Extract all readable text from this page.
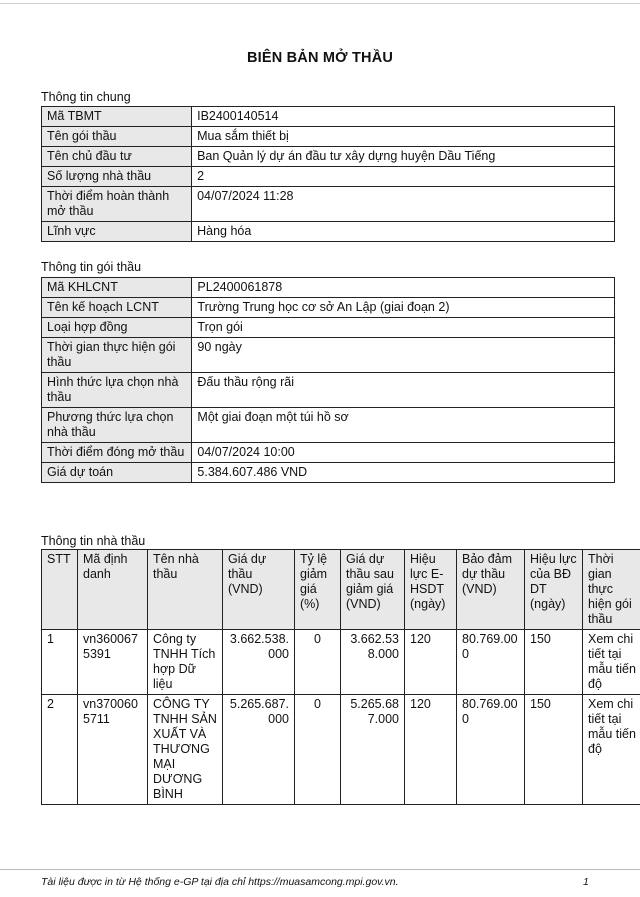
BIÊN BẢN MỞ THẦU
Thông tin chung
Mã TBMT	IB2400140514
Tên gói thầu	Mua sắm thiết bị
Tên chủ đầu tư	Ban Quản lý dự án đầu tư xây dựng huyện Dầu Tiếng
Số lượng nhà thầu	2
Thời điểm hoàn thành mở thầu	04/07/2024 11:28
Lĩnh vực	Hàng hóa
Thông tin gói thầu
Mã KHLCNT	PL2400061878
Tên kế hoạch LCNT	Trường Trung học cơ sở An Lập (giai đoạn 2)
Loại hợp đồng	Trọn gói
Thời gian thực hiện gói thầu	90 ngày
Hình thức lựa chọn nhà thầu	Đấu thầu rộng rãi
Phương thức lựa chọn nhà thầu	Một giai đoạn một túi hồ sơ
Thời điểm đóng mở thầu	04/07/2024 10:00
Giá dự toán	5.384.607.486 VND
Thông tin nhà thầu
STT	Mã định danh	Tên nhà thầu	Giá dự thầu (VND)	Tỷ lệ giảm giá (%)	Giá dự thầu sau giảm giá (VND)	Hiệu lực E-HSDT (ngày)	Bảo đảm dự thầu (VND)	Hiệu lực của BĐ DT (ngày)	Thời gian thực hiện gói thầu
1	vn3600675391	Công ty TNHH Tích hợp Dữ liệu	3.662.538.000	0	3.662.538.000	120	80.769.000	150	Xem chi tiết tại mẫu tiến độ
2	vn3700605711	CÔNG TY TNHH SẢN XUẤT VÀ THƯƠNG MẠI DƯƠNG BÌNH	5.265.687.000	0	5.265.687.000	120	80.769.000	150	Xem chi tiết tại mẫu tiến độ
Tài liệu được in từ Hệ thống e-GP tại địa chỉ https://muasamcong.mpi.gov.vn.	1
